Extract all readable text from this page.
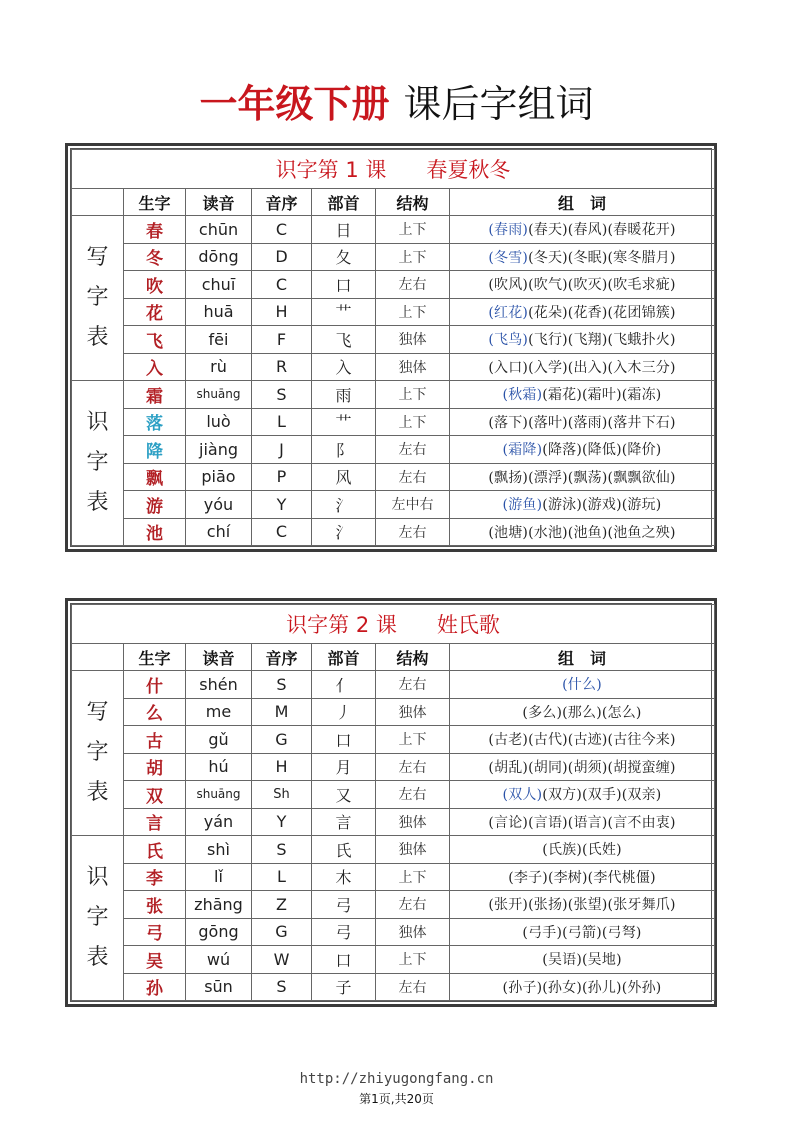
一年级下册 课后字组词
识字第 1 课 春夏秋冬						
	生字	读音	音序	部首	结构	组　词

写
字
表	春	chūn	C	日	上下	(春雨)(春天)(春风)(春暖花开)
	冬	dōng	D	夂	上下	(冬雪)(冬天)(冬眠)(寒冬腊月)
	吹	chuī	C	口	左右	(吹风)(吹气)(吹灭)(吹毛求疵)
	花	huā	H	艹	上下	(红花)(花朵)(花香)(花团锦簇)
	飞	fēi	F	飞	独体	(飞鸟)(飞行)(飞翔)(飞蛾扑火)
	入	rù	R	入	独体	(入口)(入学)(出入)(入木三分)

识
字
表	霜	shuāng	S	雨	上下	(秋霜)(霜花)(霜叶)(霜冻)
	落	luò	L	艹	上下	(落下)(落叶)(落雨)(落井下石)
	降	jiàng	J	阝	左右	(霜降)(降落)(降低)(降价)
	飘	piāo	P	风	左右	(飘扬)(漂浮)(飘荡)(飘飘欲仙)
	游	yóu	Y	氵	左中右	(游鱼)(游泳)(游戏)(游玩)
	池	chí	C	氵	左右	(池塘)(水池)(池鱼)(池鱼之殃)
识字第 2 课 姓氏歌						
	生字	读音	音序	部首	结构	组　词

写
字
表	什	shén	S	亻	左右	(什么)
	么	me	M	丿	独体	(多么)(那么)(怎么)
	古	gǔ	G	口	上下	(古老)(古代)(古迹)(古往今来)
	胡	hú	H	月	左右	(胡乱)(胡同)(胡须)(胡搅蛮缠)
	双	shuāng	Sh	又	左右	(双人)(双方)(双手)(双亲)
	言	yán	Y	言	独体	(言论)(言语)(语言)(言不由衷)

识
字
表	氏	shì	S	氏	独体	(氏族)(氏姓)
	李	lǐ	L	木	上下	(李子)(李树)(李代桃僵)
	张	zhāng	Z	弓	左右	(张开)(张扬)(张望)(张牙舞爪)
	弓	gōng	G	弓	独体	(弓手)(弓箭)(弓弩)
	吴	wú	W	口	上下	(吴语)(吴地)
	孙	sūn	S	子	左右	(孙子)(孙女)(孙儿)(外孙)
http://zhiyugongfang.cn
第1页,共20页
